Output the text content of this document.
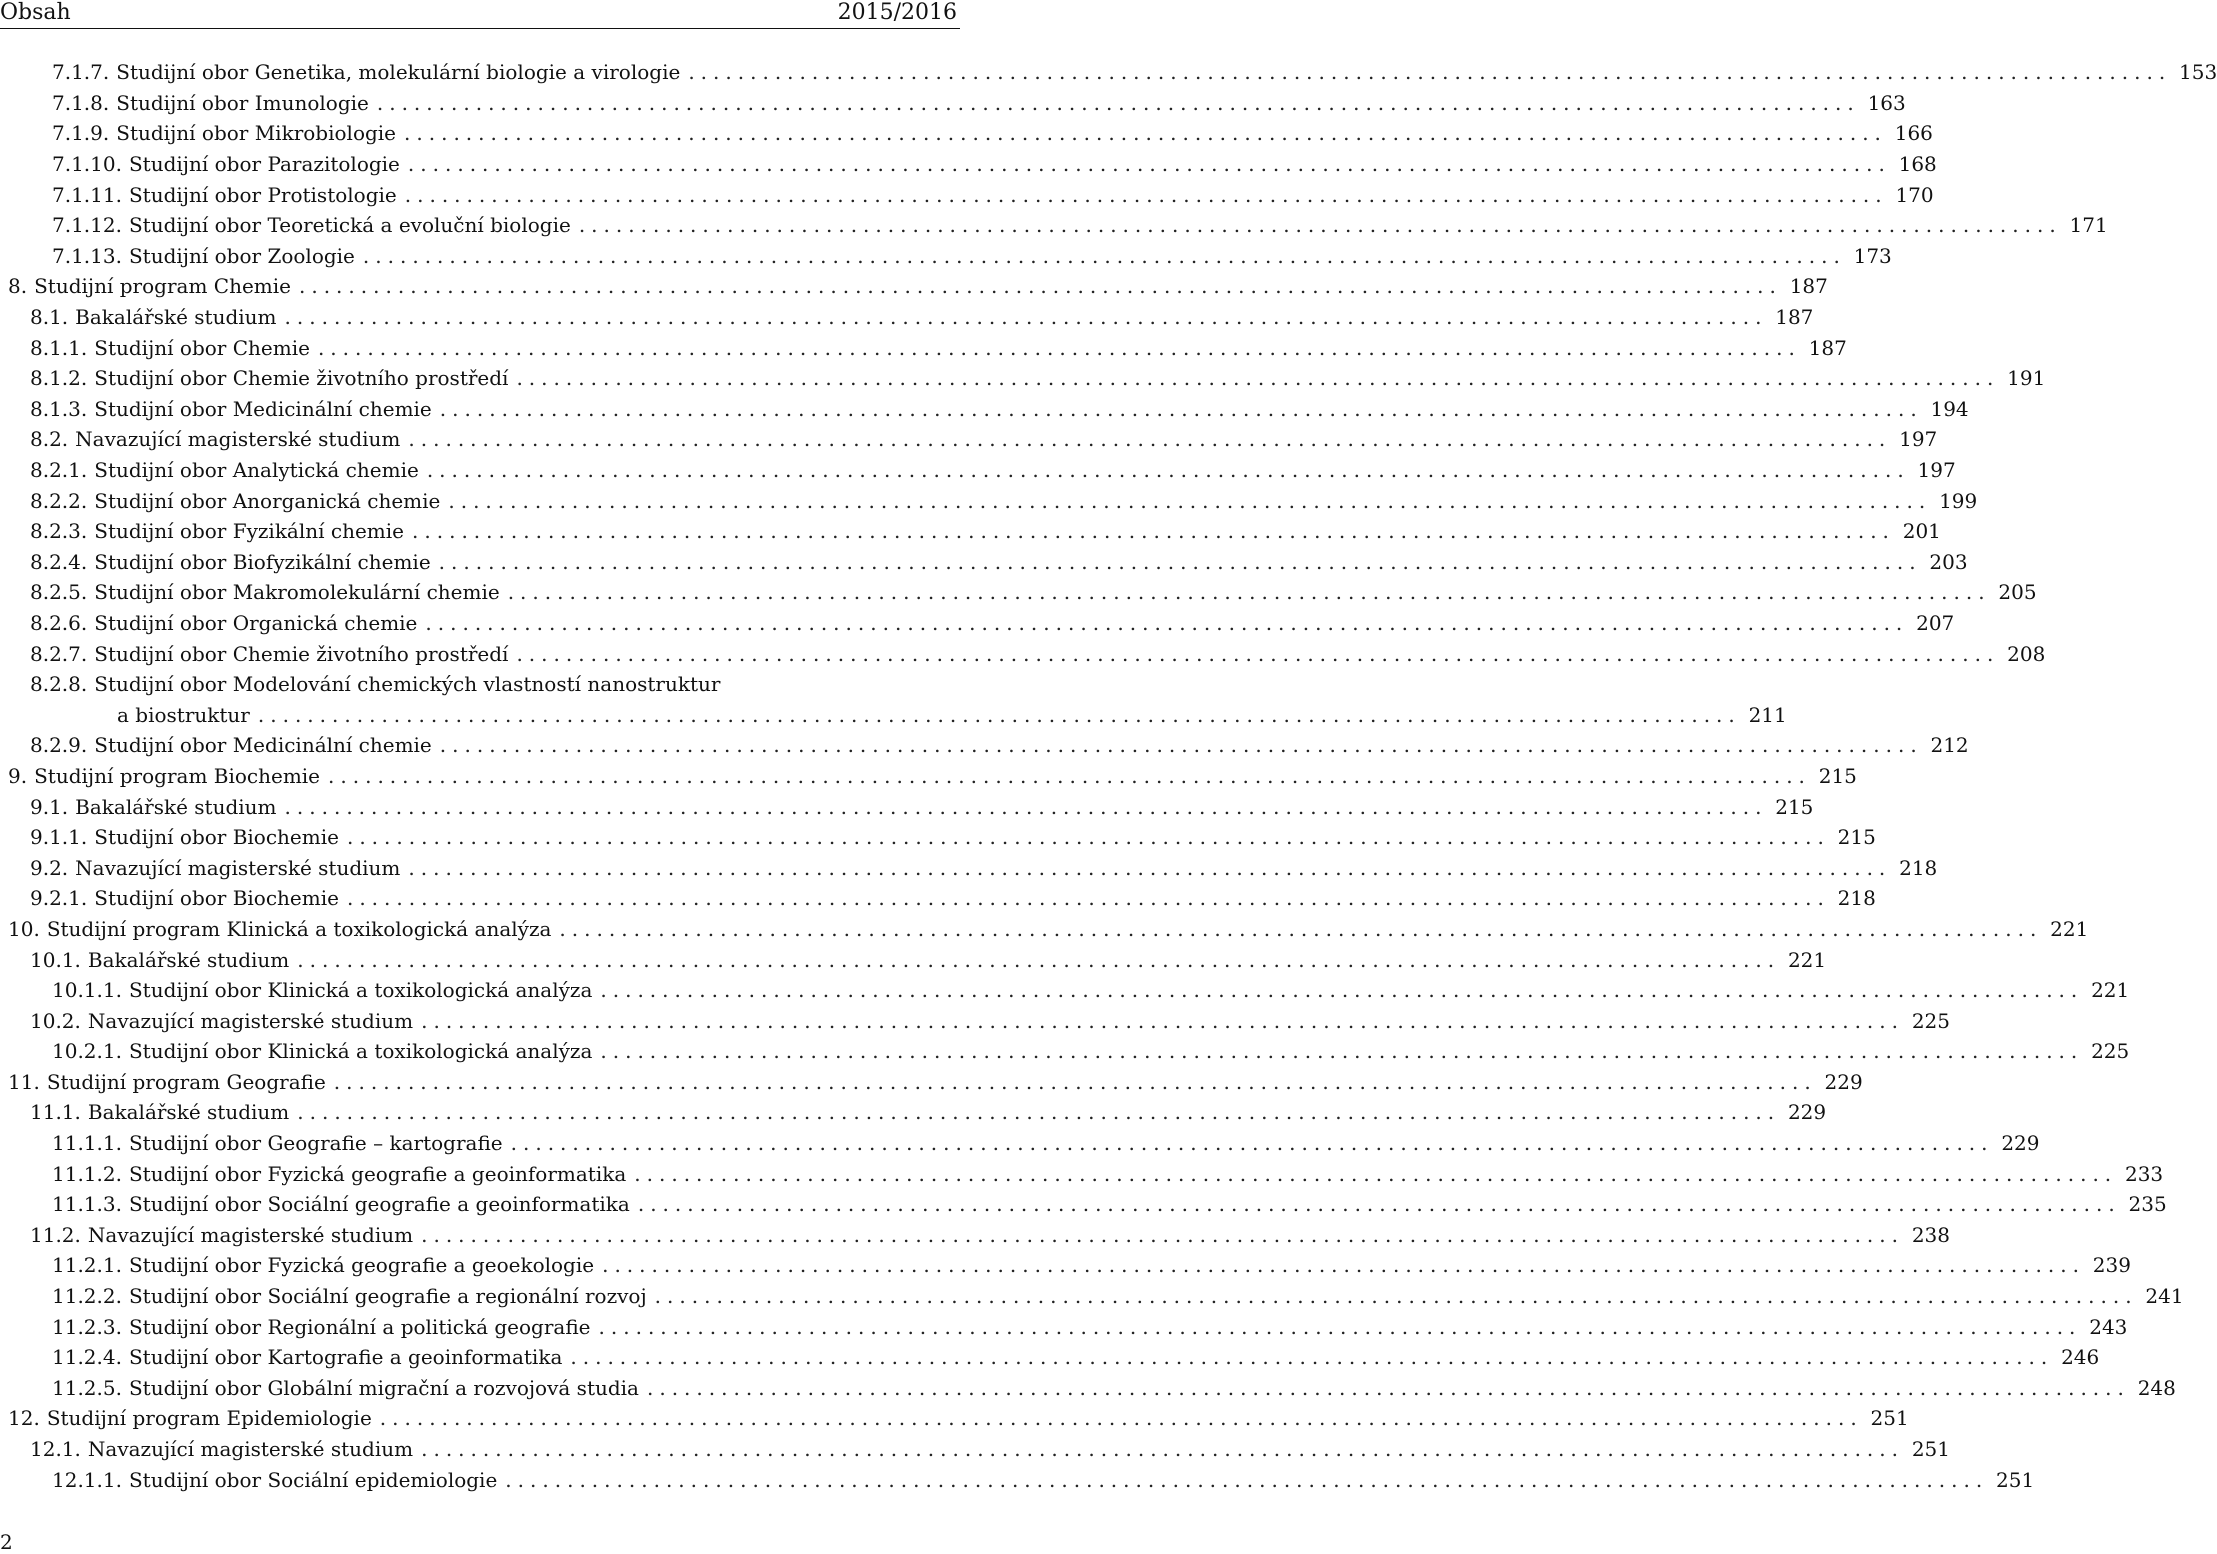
Obsah	2015/2016
7.1.7. Studijní obor Genetika, molekulární biologie a virologie ........................................................................................................................ 153
7.1.8. Studijní obor Imunologie ........................................................................................................................ 163
7.1.9. Studijní obor Mikrobiologie ........................................................................................................................ 166
7.1.10. Studijní obor Parazitologie ........................................................................................................................ 168
7.1.11. Studijní obor Protistologie ........................................................................................................................ 170
7.1.12. Studijní obor Teoretická a evoluční biologie ........................................................................................................................ 171
7.1.13. Studijní obor Zoologie ........................................................................................................................ 173
8. Studijní program Chemie ........................................................................................................................ 187
8.1. Bakalářské studium ........................................................................................................................ 187
8.1.1. Studijní obor Chemie ........................................................................................................................ 187
8.1.2. Studijní obor Chemie životního prostředí ........................................................................................................................ 191
8.1.3. Studijní obor Medicinální chemie ........................................................................................................................ 194
8.2. Navazující magisterské studium ........................................................................................................................ 197
8.2.1. Studijní obor Analytická chemie ........................................................................................................................ 197
8.2.2. Studijní obor Anorganická chemie ........................................................................................................................ 199
8.2.3. Studijní obor Fyzikální chemie ........................................................................................................................ 201
8.2.4. Studijní obor Biofyzikální chemie ........................................................................................................................ 203
8.2.5. Studijní obor Makromolekulární chemie ........................................................................................................................ 205
8.2.6. Studijní obor Organická chemie ........................................................................................................................ 207
8.2.7. Studijní obor Chemie životního prostředí ........................................................................................................................ 208
8.2.8. Studijní obor Modelování chemických vlastností nanostruktur
a biostruktur ........................................................................................................................ 211
8.2.9. Studijní obor Medicinální chemie ........................................................................................................................ 212
9. Studijní program Biochemie ........................................................................................................................ 215
9.1. Bakalářské studium ........................................................................................................................ 215
9.1.1. Studijní obor Biochemie ........................................................................................................................ 215
9.2. Navazující magisterské studium ........................................................................................................................ 218
9.2.1. Studijní obor Biochemie ........................................................................................................................ 218
10. Studijní program Klinická a toxikologická analýza ........................................................................................................................ 221
10.1. Bakalářské studium ........................................................................................................................ 221
10.1.1. Studijní obor Klinická a toxikologická analýza ........................................................................................................................ 221
10.2. Navazující magisterské studium ........................................................................................................................ 225
10.2.1. Studijní obor Klinická a toxikologická analýza ........................................................................................................................ 225
11. Studijní program Geografie ........................................................................................................................ 229
11.1. Bakalářské studium ........................................................................................................................ 229
11.1.1. Studijní obor Geografie – kartografie ........................................................................................................................ 229
11.1.2. Studijní obor Fyzická geografie a geoinformatika ........................................................................................................................ 233
11.1.3. Studijní obor Sociální geografie a geoinformatika ........................................................................................................................ 235
11.2. Navazující magisterské studium ........................................................................................................................ 238
11.2.1. Studijní obor Fyzická geografie a geoekologie ........................................................................................................................ 239
11.2.2. Studijní obor Sociální geografie a regionální rozvoj ........................................................................................................................ 241
11.2.3. Studijní obor Regionální a politická geografie ........................................................................................................................ 243
11.2.4. Studijní obor Kartografie a geoinformatika ........................................................................................................................ 246
11.2.5. Studijní obor Globální migrační a rozvojová studia ........................................................................................................................ 248
12. Studijní program Epidemiologie ........................................................................................................................ 251
12.1. Navazující magisterské studium ........................................................................................................................ 251
12.1.1. Studijní obor Sociální epidemiologie ........................................................................................................................ 251
2
